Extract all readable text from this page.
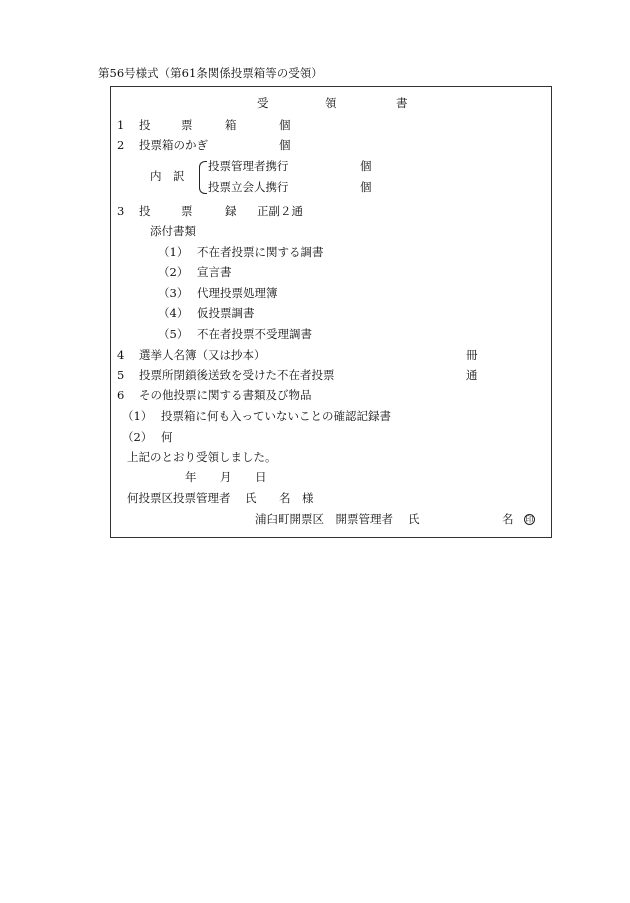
第56号様式（第61条関係投票箱等の受領）
受	領	書
1 投	票	箱	個
2 投票箱のかぎ	個
内 訳
投票管理者携行	個
投票立会人携行	個
3 投	票	録 正副２通
添付書類
（1） 不在者投票に関する調書
（2） 宣言書
（3） 代理投票処理簿
（4） 仮投票調書
（5） 不在者投票不受理調書
4 選挙人名簿（又は抄本）	冊
5 投票所閉鎖後送致を受けた不在者投票	通
6 その他投票に関する書類及び物品
（1） 投票箱に何も入っていないことの確認記録書
（2） 何
上記のとおり受領しました。
年 月 日
何投票区投票管理者 氏 名 様
浦臼町開票区　開票管理者 氏	名 印
